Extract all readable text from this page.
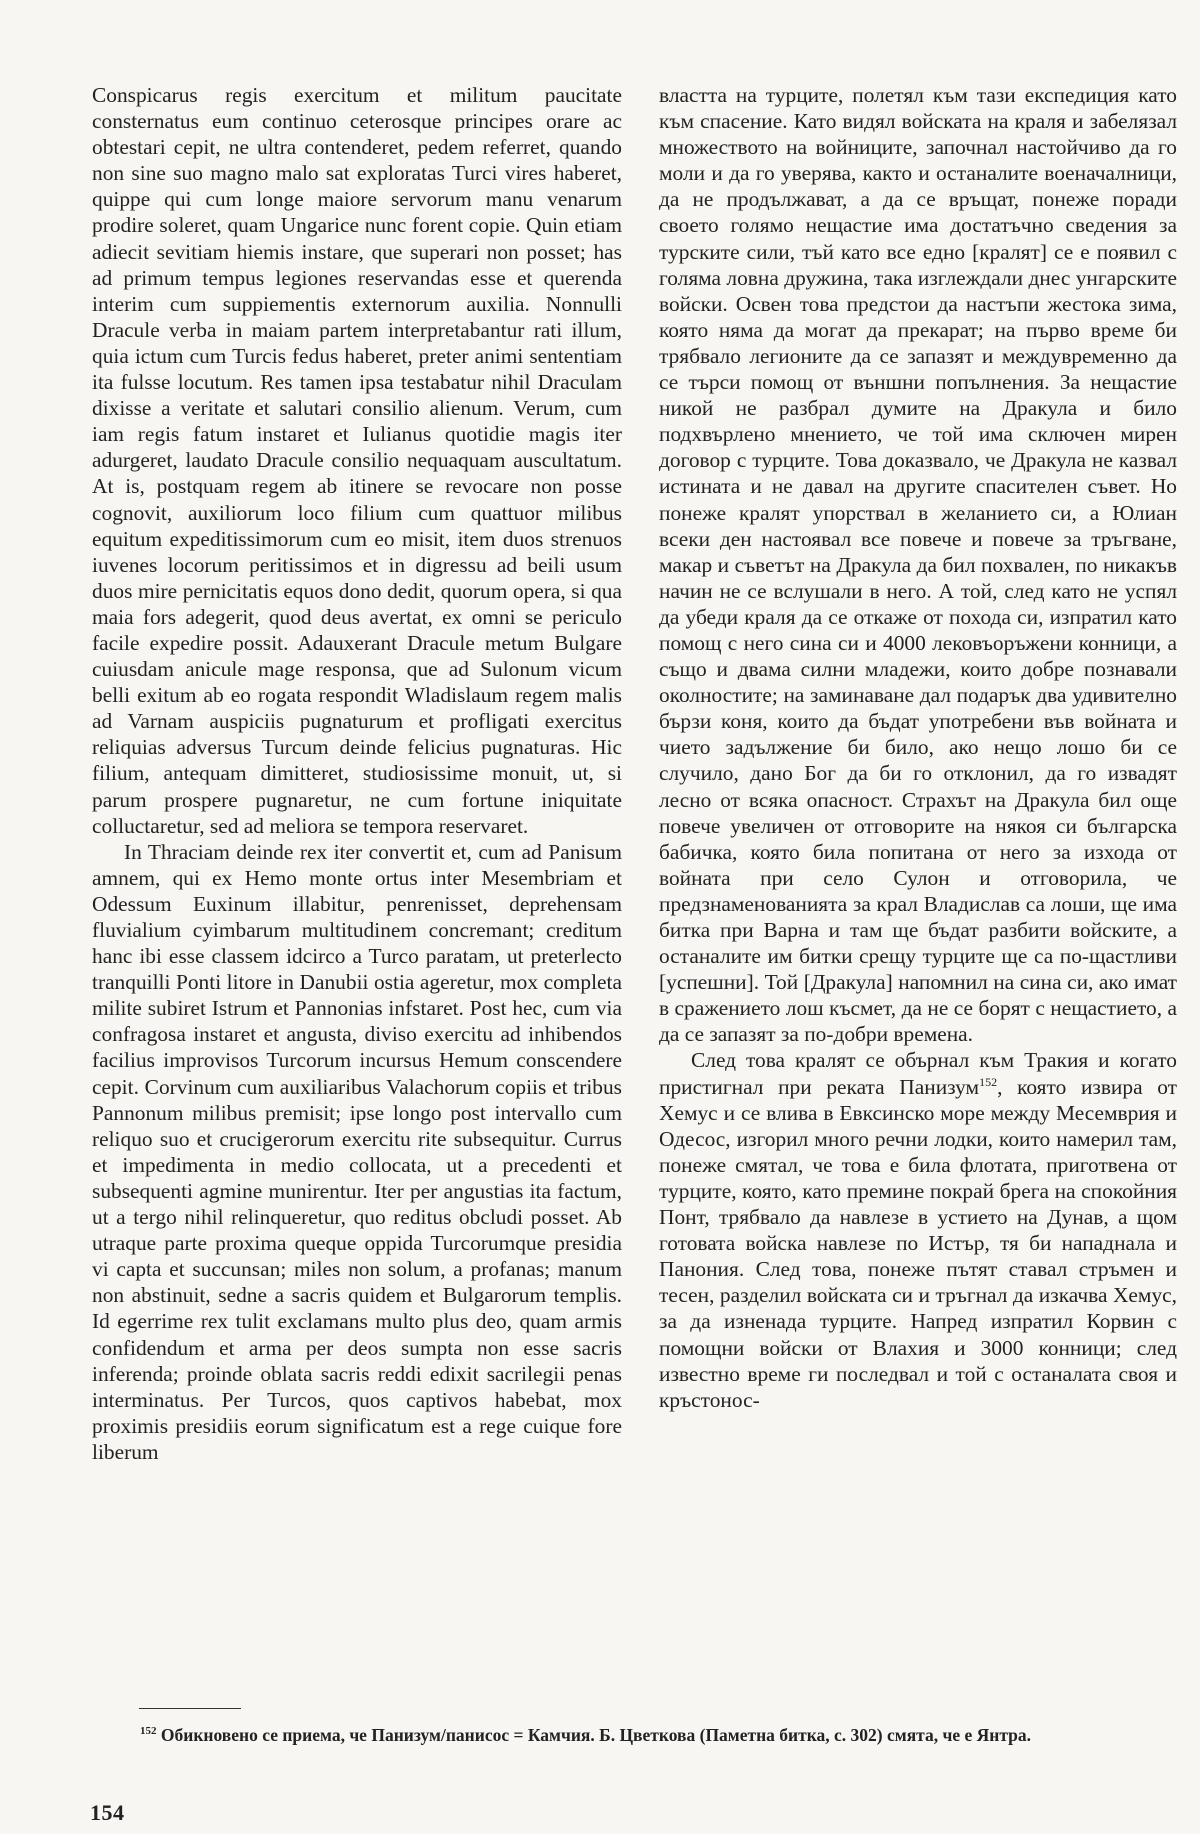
Conspicarus regis exercitum et militum paucitate consternatus eum continuo ceterosque principes orare ac obtestari cepit, ne ultra contenderet, pedem referret, quando non sine suo magno malo sat exploratas Turci vires haberet, quippe qui cum longe maiore servorum manu venarum prodire soleret, quam Ungarice nunc forent copie. Quin etiam adiecit sevitiam hiemis instare, que superari non posset; has ad primum tempus legiones reservandas esse et querenda interim cum suppiementis externorum auxilia. Nonnulli Dracule verba in maiam partem interpretabantur rati illum, quia ictum cum Turcis fedus haberet, preter animi sententiam ita fulsse locutum. Res tamen ipsa testabatur nihil Draculam dixisse a veritate et salutari consilio alienum. Verum, cum iam regis fatum instaret et Iulianus quotidie magis iter adurgeret, laudato Dracule consilio nequaquam auscultatum. At is, postquam regem ab itinere se revocare non posse cognovit, auxiliorum loco filium cum quattuor milibus equitum expeditissimorum cum eo misit, item duos strenuos iuvenes locorum peritissimos et in digressu ad beili usum duos mire pernicitatis equos dono dedit, quorum opera, si qua maia fors adegerit, quod deus avertat, ex omni se periculo facile expedire possit. Adauxerant Dracule metum Bulgare cuiusdam anicule mage responsa, que ad Sulonum vicum belli exitum ab eo rogata respondit Wladislaum regem malis ad Varnam auspiciis pugnaturum et profligati exercitus reliquias adversus Turcum deinde felicius pugnaturas. Hic filium, antequam dimitteret, studiosissime monuit, ut, si parum prospere pugnaretur, ne cum fortune iniquitate colluctaretur, sed ad meliora se tempora reservaret.

In Thraciam deinde rex iter convertit et, cum ad Panisum amnem, qui ex Hemo monte ortus inter Mesembriam et Odessum Euxinum illabitur, penrenisset, deprehensam fluvialium cyimbarum multitudinem concremant; creditum hanc ibi esse classem idcirco a Turco paratam, ut preterlecto tranquilli Ponti litore in Danubii ostia ageretur, mox completa milite subiret Istrum et Pannonias infstaret. Post hec, cum via confragosa instaret et angusta, diviso exercitu ad inhibendos facilius improvisos Turcorum incursus Hemum conscendere cepit. Corvinum cum auxiliaribus Valachorum copiis et tribus Pannonum milibus premisit; ipse longo post intervallo cum reliquo suo et crucigerorum exercitu rite subsequitur. Currus et impedimenta in medio collocata, ut a precedenti et subsequenti agmine munirentur. Iter per angustias ita factum, ut a tergo nihil relinqueretur, quo reditus obcludi posset. Ab utraque parte proxima queque oppida Turcorumque presidia vi capta et succunsan; miles non solum, a profanas; manum non abstinuit, sedne a sacris quidem et Bulgarorum templis. Id egerrime rex tulit exclamans multo plus deo, quam armis confidendum et arma per deos sumpta non esse sacris inferenda; proinde oblata sacris reddi edixit sacrilegii penas interminatus. Per Turcos, quos captivos habebat, mox proximis presidiis eorum significatum est a rege cuique fore liberum

властта на турците, полетял към тази експедиция като към спасение. Като видял войската на краля и забелязал множеството на войниците, започнал настойчиво да го моли и да го уверява, както и останалите военачалници, да не продължават, а да се връщат, понеже поради своето голямо нещастие има достатъчно сведения за турските сили, тъй като все едно [кралят] се е появил с голяма ловна дружина, така изглеждали днес унгарските войски. Освен това предстои да настъпи жестока зима, която няма да могат да прекарат; на първо време би трябвало легионите да се запазят и междувременно да се търси помощ от външни попълнения. За нещастие никой не разбрал думите на Дракула и било подхвърлено мнението, че той има сключен мирен договор с турците. Това доказвало, че Дракула не казвал истината и не давал на другите спасителен съвет. Но понеже кралят упорствал в желанието си, а Юлиан всеки ден настоявал все повече и повече за тръгване, макар и съветът на Дракула да бил похвален, по никакъв начин не се вслушали в него. А той, след като не успял да убеди краля да се откаже от похода си, изпратил като помощ с него сина си и 4000 лековъоръжени конници, а също и двама силни младежи, които добре познавали околностите; на заминаване дал подарък два удивително бързи коня, които да бъдат употребени във войната и чието задължение би било, ако нещо лошо би се случило, дано Бог да би го отклонил, да го извадят лесно от всяка опасност. Страхът на Дракула бил още повече увеличен от отговорите на някоя си българска бабичка, която била попитана от него за изхода от войната при село Сулон и отговорила, че предзнаменованията за крал Владислав са лоши, ще има битка при Варна и там ще бъдат разбити войските, а останалите им битки срещу турците ще са по-щастливи [успешни]. Той [Дракула] напомнил на сина си, ако имат в сражението лош късмет, да не се борят с нещастието, а да се запазят за по-добри времена.

След това кралят се обърнал към Тракия и когато пристигнал при реката Панизум$^{152}$, която извира от Хемус и се влива в Евксинско море между Месемврия и Одесос, изгорил много речни лодки, които намерил там, понеже смятал, че това е била флотата, приготвена от турците, която, като премине покрай брега на спокойния Понт, трябвало да навлезе в устието на Дунав, а щом готовата войска навлезе по Истър, тя би нападнала и Панония. След това, понеже пътят ставал стръмен и тесен, разделил войската си и тръгнал да изкачва Хемус, за да изненада турците. Напред изпратил Корвин с помощни войски от Влахия и 3000 конници; след известно време ги последвал и той с останалата своя и кръстонос-

$^{152}$ Обикновено се приема, че Панизум/панисос = Камчия. Б. Цветкова (Паметна битка, с. 302) смята, че е Янтра.
154
